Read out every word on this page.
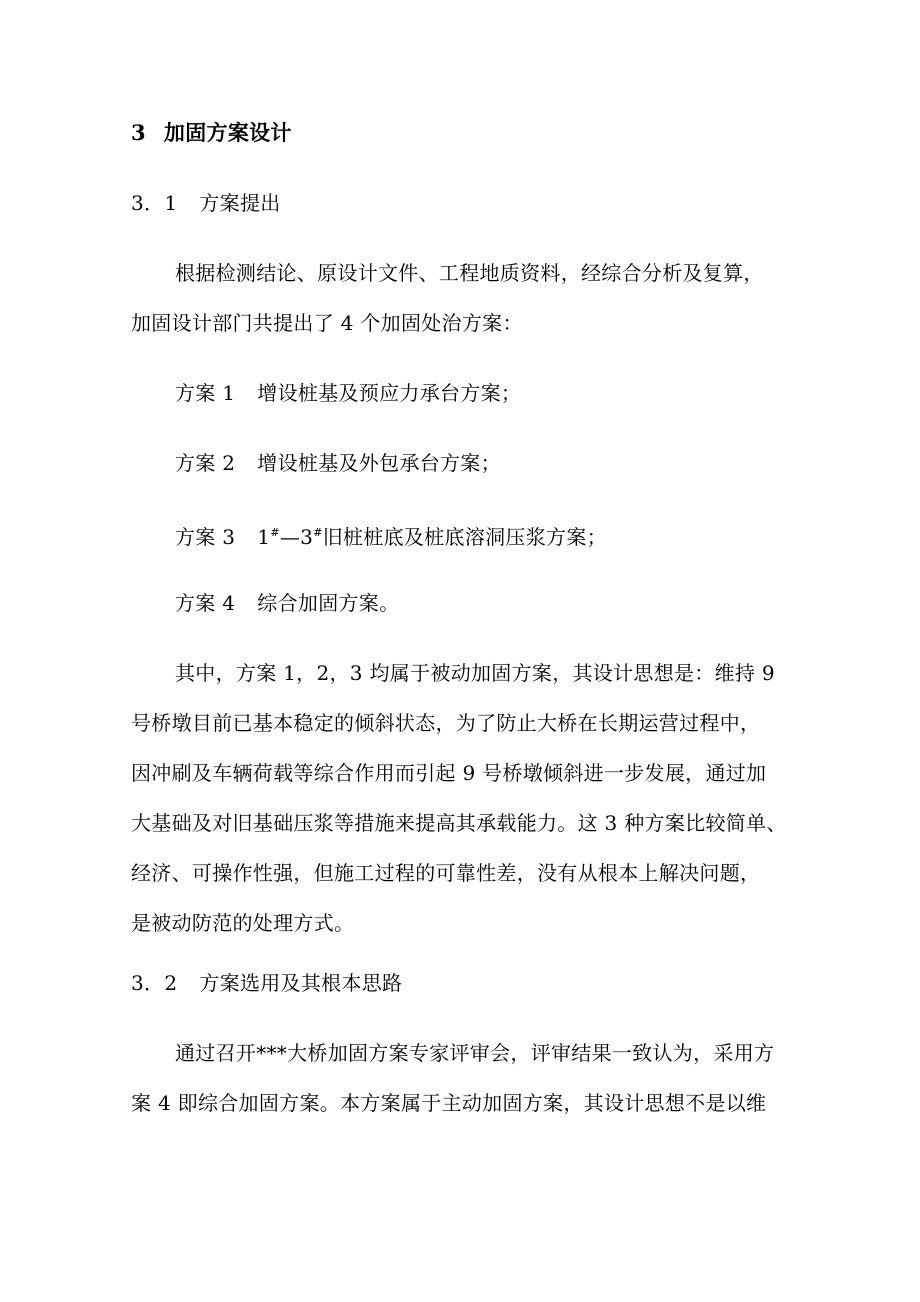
3 加固方案设计
3．1 方案提出
根据检测结论、原设计文件、工程地质资料，经综合分析及复算，
加固设计部门共提出了 4 个加固处治方案：
方案 1 增设桩基及预应力承台方案；
方案 2 增设桩基及外包承台方案；
方案 3 1#—3#旧桩桩底及桩底溶洞压浆方案；
方案 4 综合加固方案。
其中，方案 1，2，3 均属于被动加固方案，其设计思想是：维持 9
号桥墩目前已基本稳定的倾斜状态，为了防止大桥在长期运营过程中，
因冲刷及车辆荷载等综合作用而引起 9 号桥墩倾斜进一步发展，通过加
大基础及对旧基础压浆等措施来提高其承载能力。这 3 种方案比较简单、
经济、可操作性强，但施工过程的可靠性差，没有从根本上解决问题，
是被动防范的处理方式。
3．2 方案选用及其根本思路
通过召开***大桥加固方案专家评审会，评审结果一致认为，采用方
案 4 即综合加固方案。本方案属于主动加固方案，其设计思想不是以维
